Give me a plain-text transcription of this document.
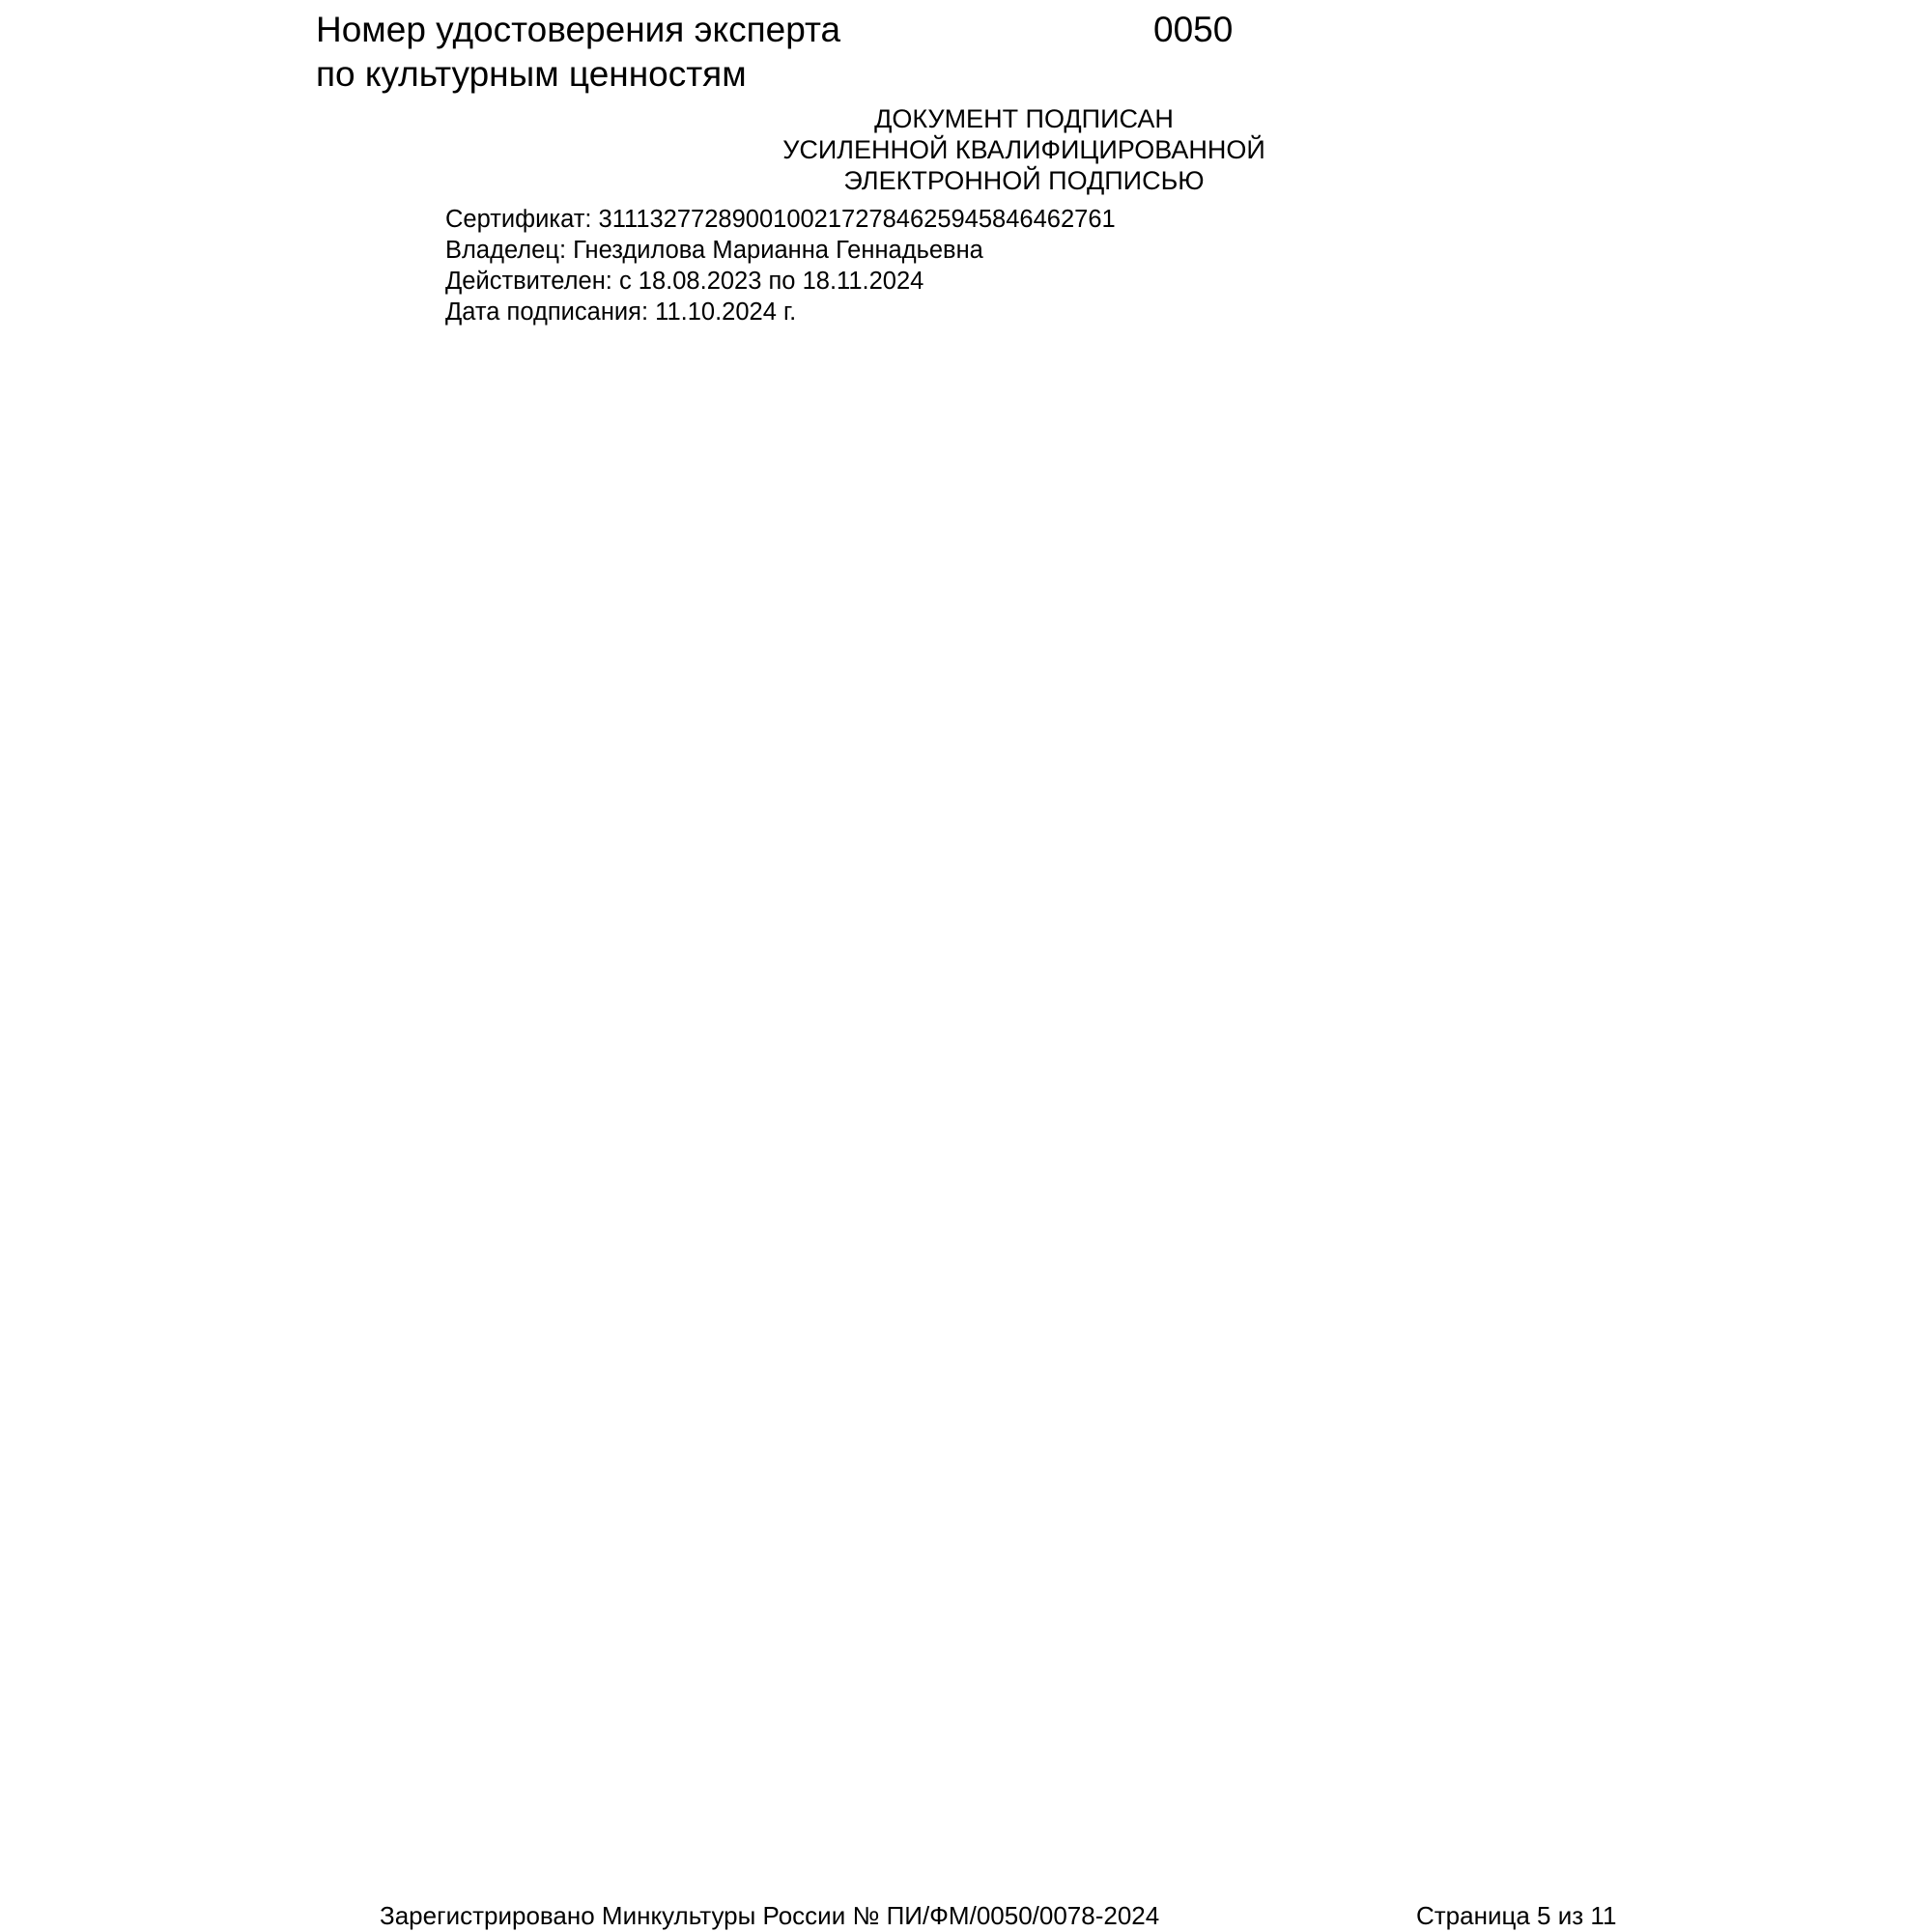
Номер удостоверения эксперта
по культурным ценностям
0050
ДОКУМЕНТ ПОДПИСАН
УСИЛЕННОЙ КВАЛИФИЦИРОВАННОЙ
ЭЛЕКТРОННОЙ ПОДПИСЬЮ
Сертификат: 311132772890010021727846259458464627​61
Владелец: Гнездилова Марианна Геннадьевна
Действителен: с 18.08.2023 по 18.11.2024
Дата подписания: 11.10.2024 г.
Зарегистрировано Минкультуры России № ПИ/ФМ/0050/0078-2024	Страница 5 из 11
